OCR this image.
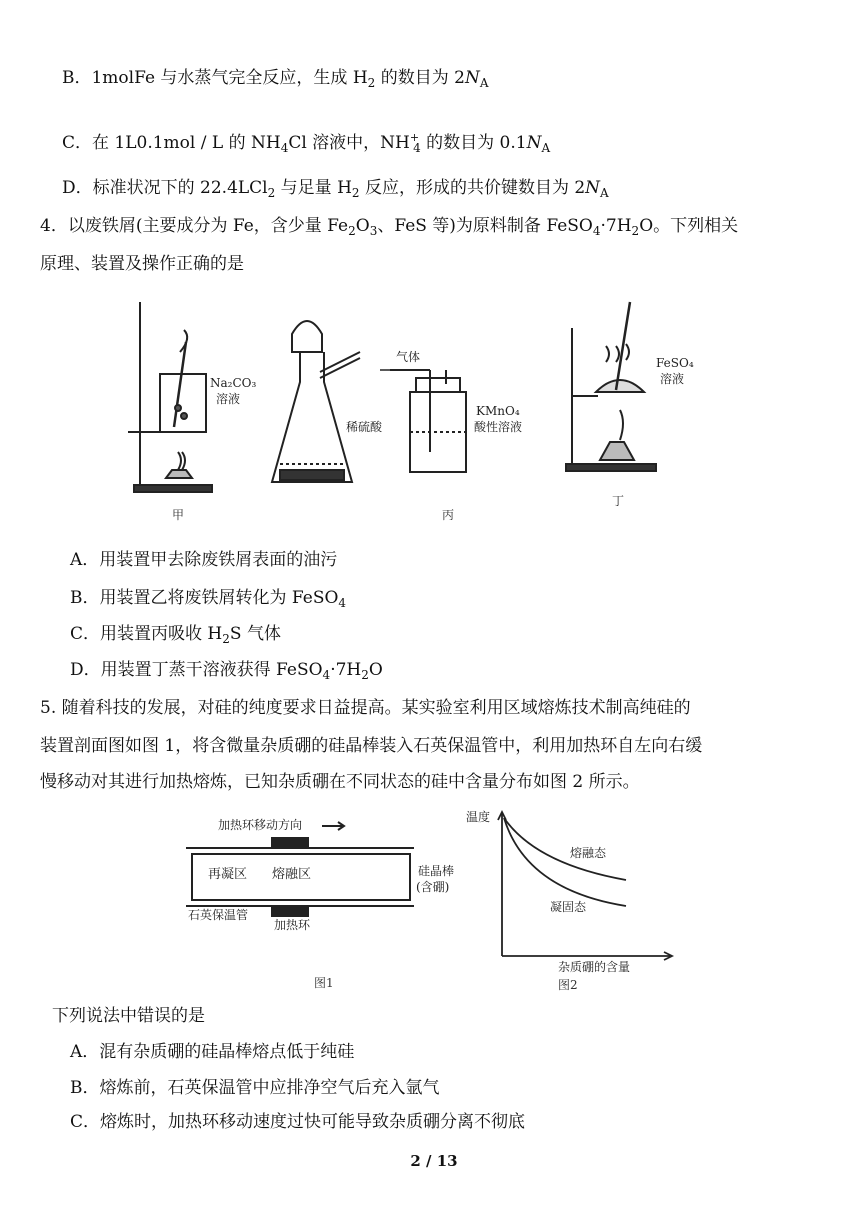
B．1molFe 与水蒸气完全反应，生成 $H_2$ 的数目为 $2N_A$
C．在 1L0.1mol / L 的 $NH_4Cl$ 溶液中，$NH^+_4$ 的数目为 $0.1N_A$
D．标准状况下的 22.4LCl$_2$ 与足量 $H_2$ 反应，形成的共价键数目为 $2N_A$
4．以废铁屑(主要成分为 Fe，含少量 $Fe_2O_3$、FeS 等)为原料制备 $FeSO_4\cdot 7H_2O$。下列相关
原理、装置及操作正确的是
Na₂CO₃
溶液
稀硫酸
气体
KMnO₄
酸性溶液
FeSO₄
溶液
甲	丙
丁
A．用装置甲去除废铁屑表面的油污
B．用装置乙将废铁屑转化为 FeSO$_4$
C．用装置丙吸收 $H_2S$ 气体
D．用装置丁蒸干溶液获得 $FeSO_4\cdot 7H_2O$
5. 随着科技的发展，对硅的纯度要求日益提高。某实验室利用区域熔炼技术制高纯硅的
装置剖面图如图 1，将含微量杂质硼的硅晶棒装入石英保温管中，利用加热环自左向右缓
慢移动对其进行加热熔炼，已知杂质硼在不同状态的硅中含量分布如图 2 所示。
加热环移动方向
再凝区 熔融区	硅晶棒
(含硼)
石英保温管
加热环
图1
温度
熔融态
凝固态
杂质硼的含量
图2
下列说法中错误的是
A．混有杂质硼的硅晶棒熔点低于纯硅
B．熔炼前，石英保温管中应排净空气后充入氩气
C．熔炼时，加热环移动速度过快可能导致杂质硼分离不彻底
2 / 13
